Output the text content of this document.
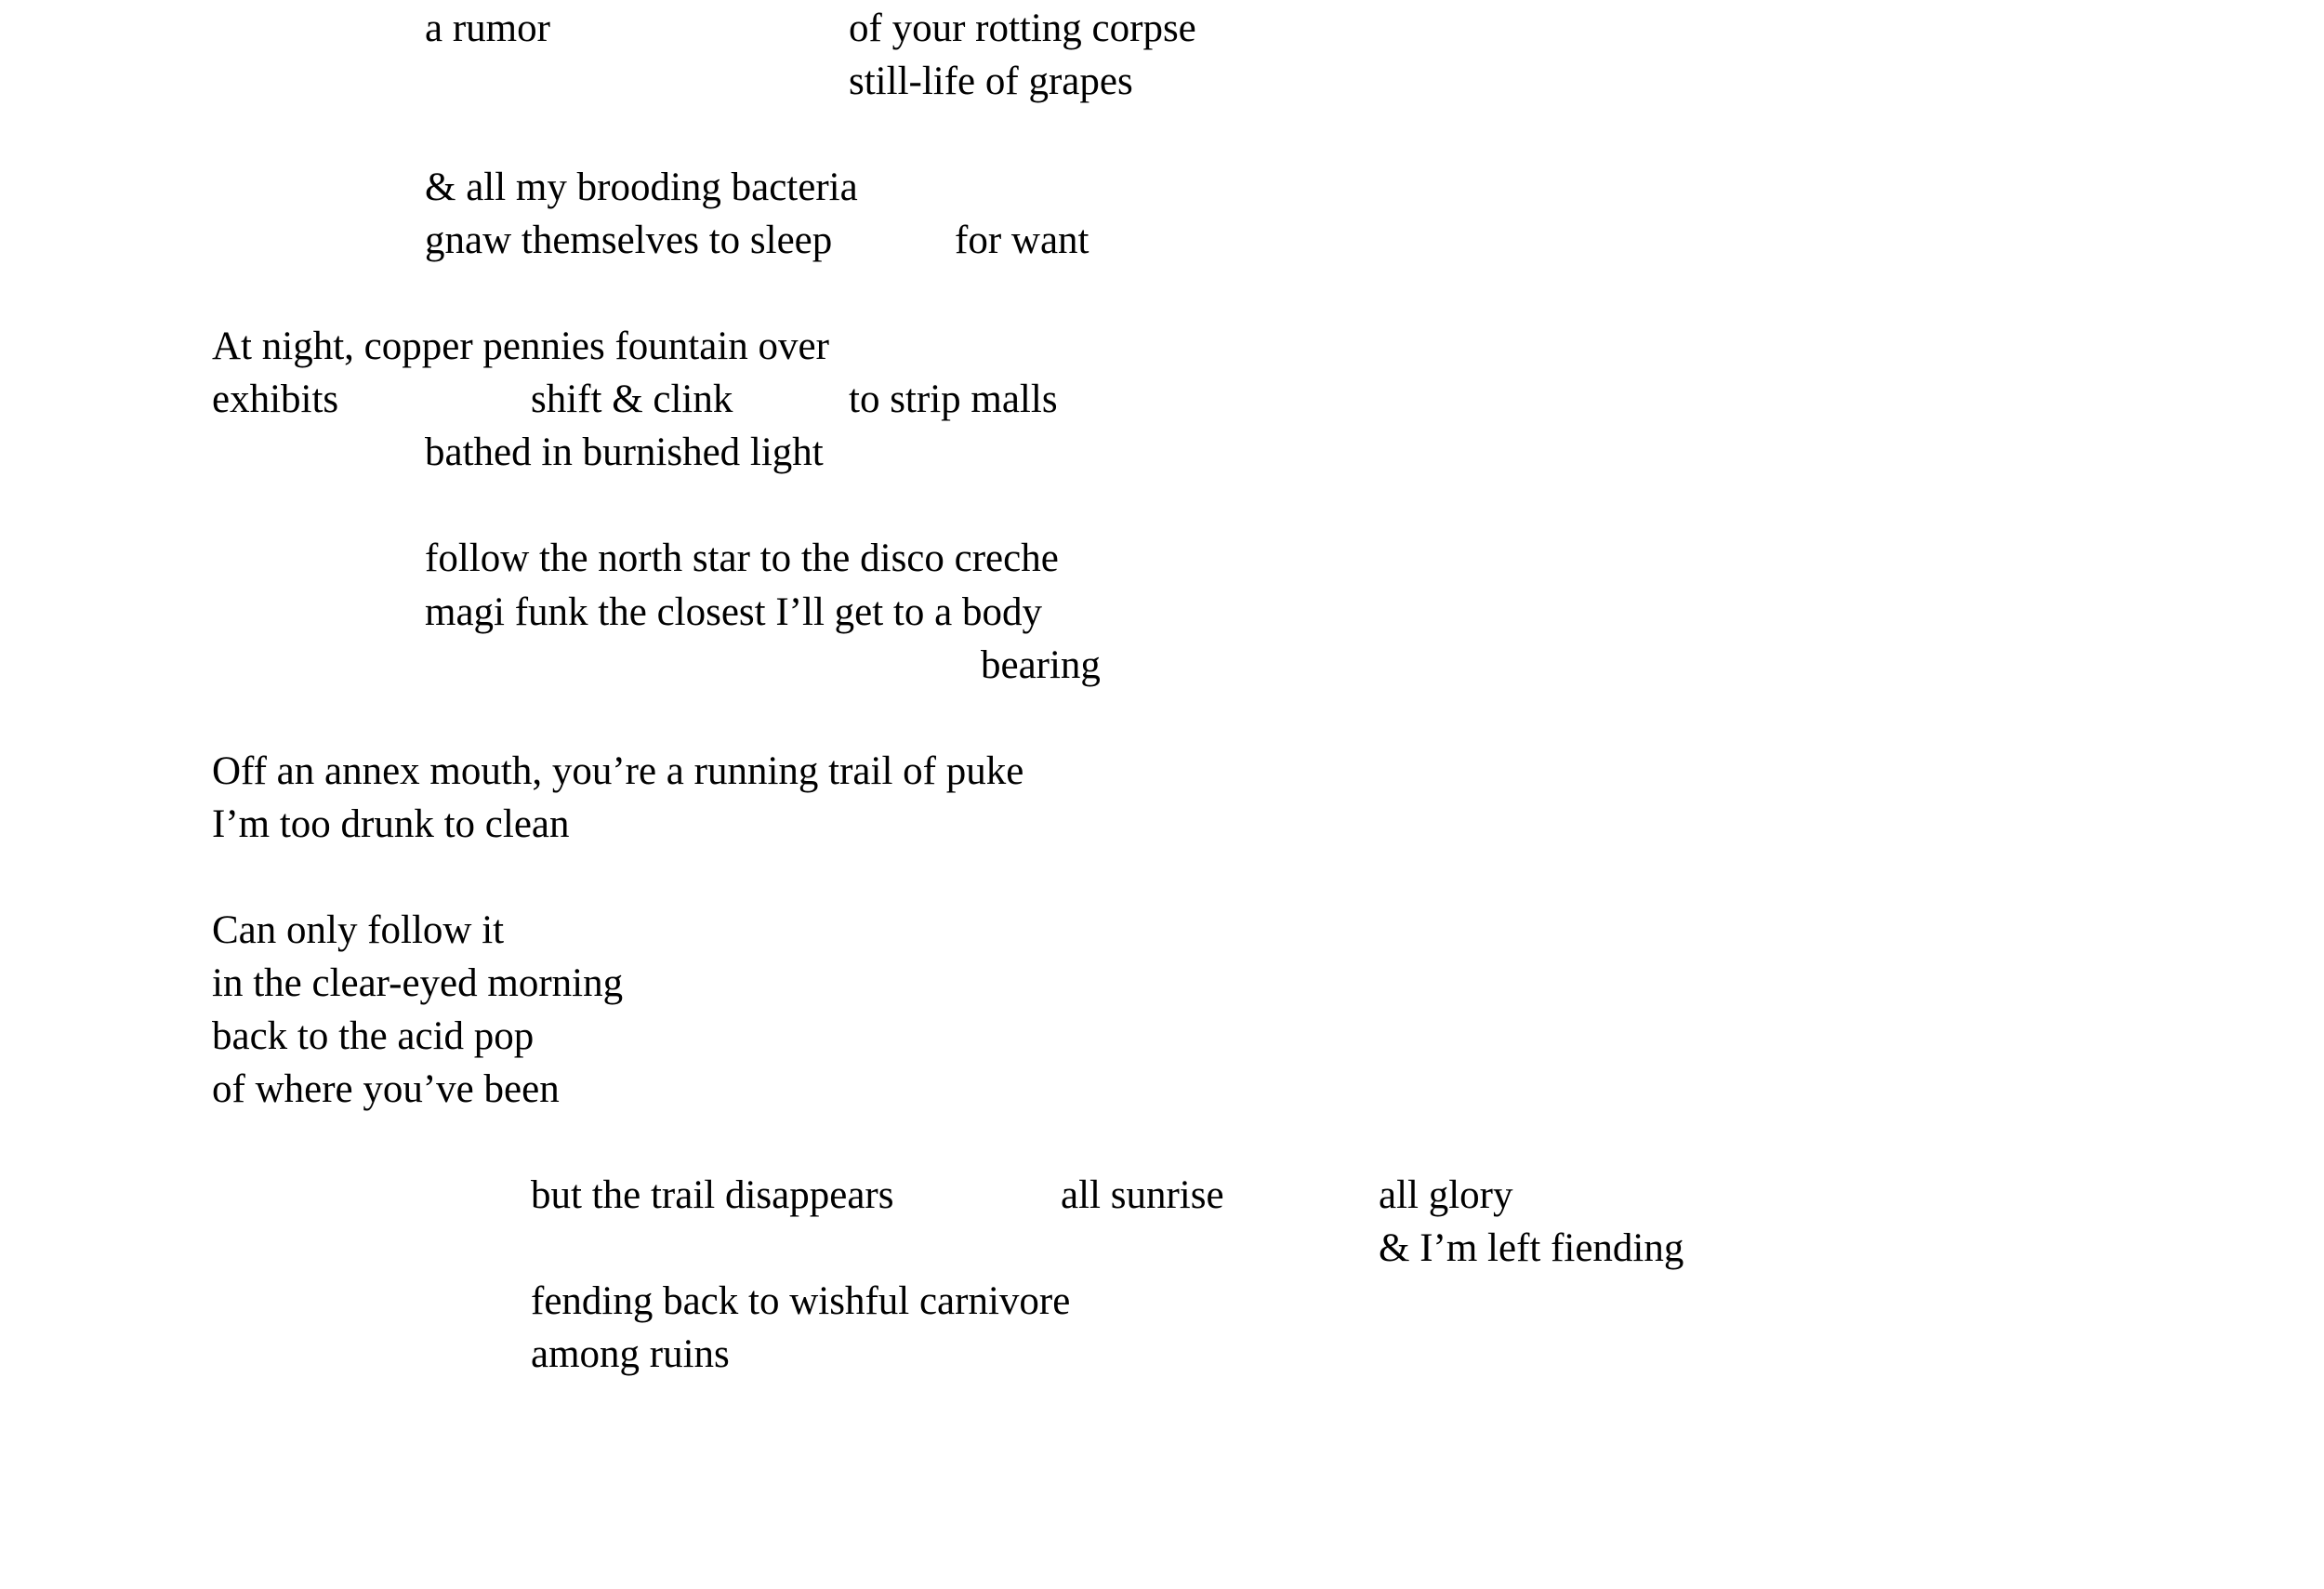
a rumor	of your rotting corpse
still-life of grapes
& all my brooding bacteria
gnaw themselves to sleep	for want
At night, copper pennies fountain over
exhibits	shift & clink	to strip malls
bathed in burnished light
follow the north star to the disco creche
magi funk the closest I’ll get to a body
bearing
Off an annex mouth, you’re a running trail of puke
I’m too drunk to clean
Can only follow it
in the clear-eyed morning
back to the acid pop
of where you’ve been
but the trail disappears	all sunrise	all glory
& I’m left fiending
fending back to wishful carnivore
among ruins
